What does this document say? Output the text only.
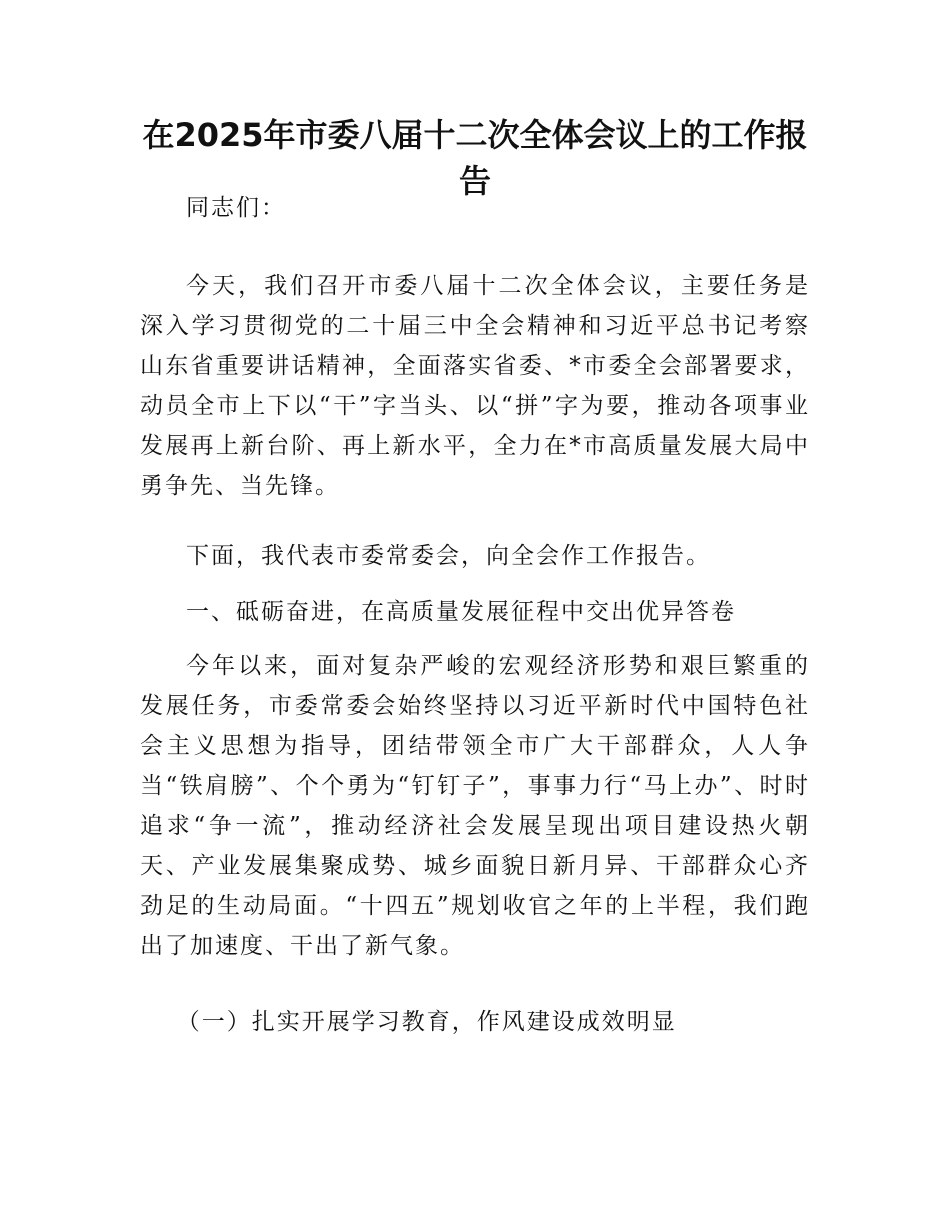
在2025年市委八届十二次全体会议上的工作报告
同志们：
今天，我们召开市委八届十二次全体会议，主要任务是深入学习贯彻党的二十届三中全会精神和习近平总书记考察山东省重要讲话精神，全面落实省委、*市委全会部署要求，动员全市上下以“干”字当头、以“拼”字为要，推动各项事业发展再上新台阶、再上新水平，全力在*市高质量发展大局中勇争先、当先锋。
下面，我代表市委常委会，向全会作工作报告。
一、砥砺奋进，在高质量发展征程中交出优异答卷
今年以来，面对复杂严峻的宏观经济形势和艰巨繁重的发展任务，市委常委会始终坚持以习近平新时代中国特色社会主义思想为指导，团结带领全市广大干部群众，人人争当“铁肩膀”、个个勇为“钉钉子”，事事力行“马上办”、时时追求“争一流”，推动经济社会发展呈现出项目建设热火朝天、产业发展集聚成势、城乡面貌日新月异、干部群众心齐劲足的生动局面。“十四五”规划收官之年的上半程，我们跑出了加速度、干出了新气象。
（一）扎实开展学习教育，作风建设成效明显
